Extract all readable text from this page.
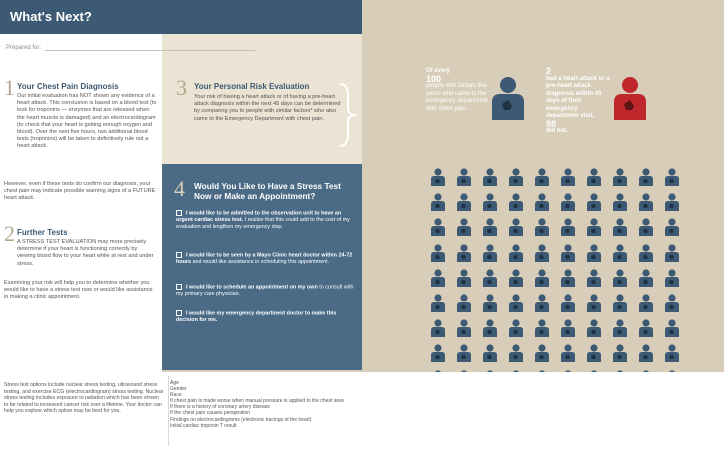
What's Next?
Prepared for:
1 Your Chest Pain Diagnosis
Our initial evaluation has NOT shown any evidence of a heart attack. This conclusion is based on a blood test (to look for troponins — enzymes that are released when the heart muscle is damaged) and an electrocardiogram (to check that your heart is getting enough oxygen and blood). Over the next five hours, two additional blood tests (troponins) will be taken to definitively rule out a heart attack.
However, even if these tests do confirm our diagnosis, your chest pain may indicate possible warning signs of a FUTURE heart attack.
2 Further Tests
A STRESS TEST EVALUATION may more precisely determine if your heart is functioning correctly by viewing blood flow to your heart while at rest and under stress.
Examining your risk will help you to determine whether you would like to have a stress test now or would like assistance in making a clinic appointment.
3 Your Personal Risk Evaluation
Your risk of having a heart attack or of having a pre-heart attack diagnosis within the next 45 days can be determined by comparing you to people with similar factors* who also came to the Emergency Department with chest pain.
4 Would You Like to Have a Stress Test Now or Make an Appointment?
I would like to be admitted to the observation unit to have an urgent cardiac stress test. I realize that this could add to the cost of my evaluation and lengthen my emergency stay.
I would like to be seen by a Mayo Clinic heart doctor within 24-72 hours and would like assistance in scheduling this appointment.
I would like to schedule an appointment on my own to consult with my primary care physician.
I would like my emergency department doctor to make this decision for me.
Of every
100
people with factors like yours who came to the emergency department with chest pain...
2
had a heart attack or a pre-heart attack diagnosis within 45 days of their emergency department visit,
98
did not.
Stress test options include nuclear stress testing, ultrasound stress testing, and exercise ECG (electrocardiogram) stress testing. Nuclear stress testing includes exposure to radiation which has been shown to be related to increased cancer risk over a lifetime. Your doctor can help you explore which option may be best for you.
Age
Gender
Race
If chest pain is made worse when manual pressure is applied to the chest area
If there is a history of coronary artery disease
If the chest pain causes perspiration
Findings on electrocardiograms (electronic tracings of the heart)
Initial cardiac troponin T result
